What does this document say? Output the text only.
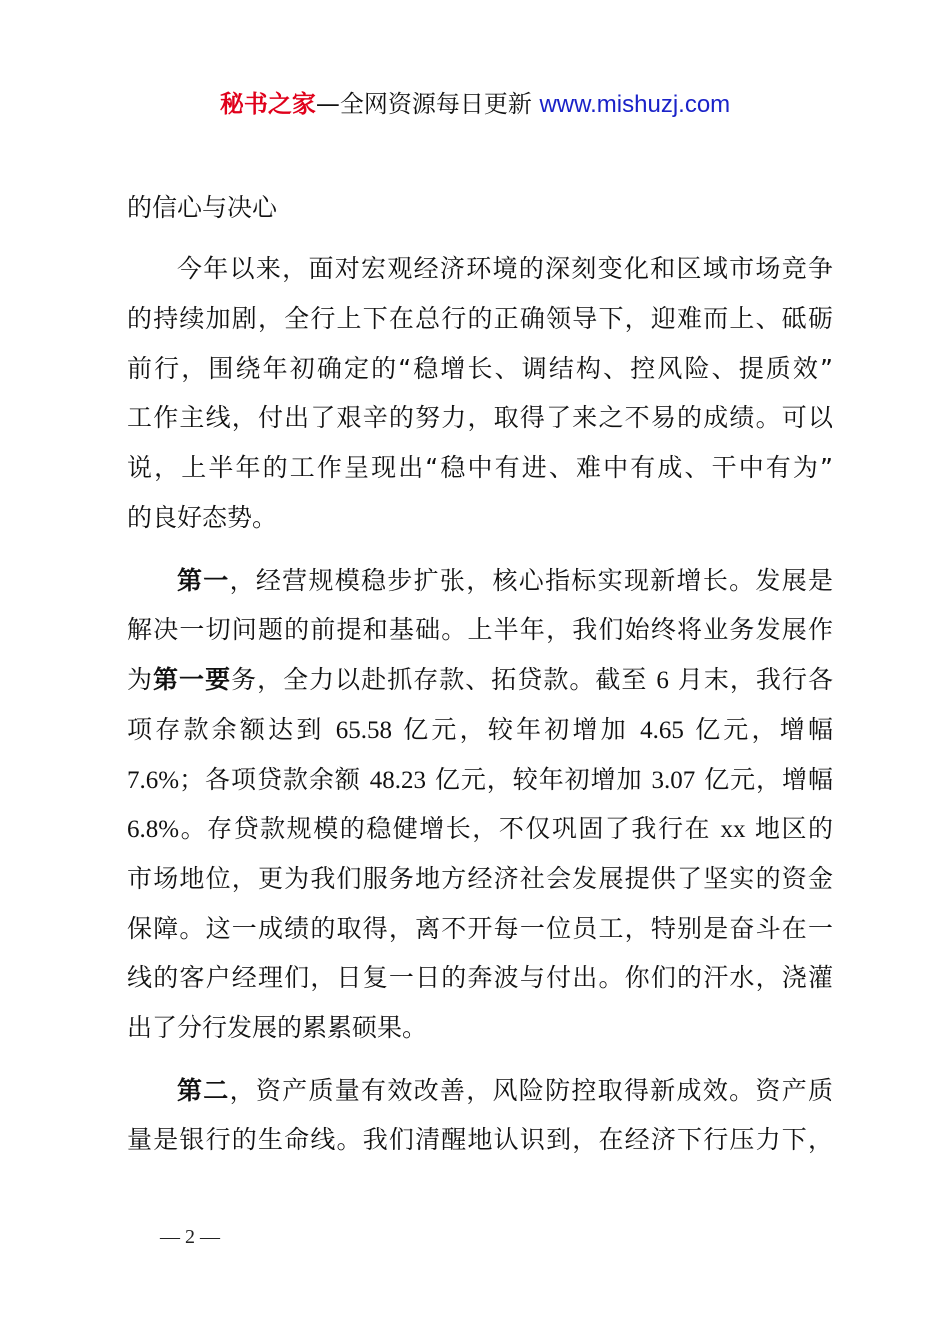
秘书之家—全网资源每日更新 www.mishuzj.com
的信心与决心
今年以来，面对宏观经济环境的深刻变化和区域市场竞争
的持续加剧，全行上下在总行的正确领导下，迎难而上、砥砺
前行，围绕年初确定的“稳增长、调结构、控风险、提质效”
工作主线，付出了艰辛的努力，取得了来之不易的成绩。可以
说，上半年的工作呈现出“稳中有进、难中有成、干中有为”
的良好态势。
第一，经营规模稳步扩张，核心指标实现新增长。发展是
解决一切问题的前提和基础。上半年，我们始终将业务发展作
为第一要务，全力以赴抓存款、拓贷款。截至 6 月末，我行各
项存款余额达到 65.58 亿元，较年初增加 4.65 亿元，增幅
7.6%；各项贷款余额 48.23 亿元，较年初增加 3.07 亿元，增幅
6.8%。存贷款规模的稳健增长，不仅巩固了我行在 xx 地区的
市场地位，更为我们服务地方经济社会发展提供了坚实的资金
保障。这一成绩的取得，离不开每一位员工，特别是奋斗在一
线的客户经理们，日复一日的奔波与付出。你们的汗水，浇灌
出了分行发展的累累硕果。
第二，资产质量有效改善，风险防控取得新成效。资产质
量是银行的生命线。我们清醒地认识到，在经济下行压力下，
— 2 —
